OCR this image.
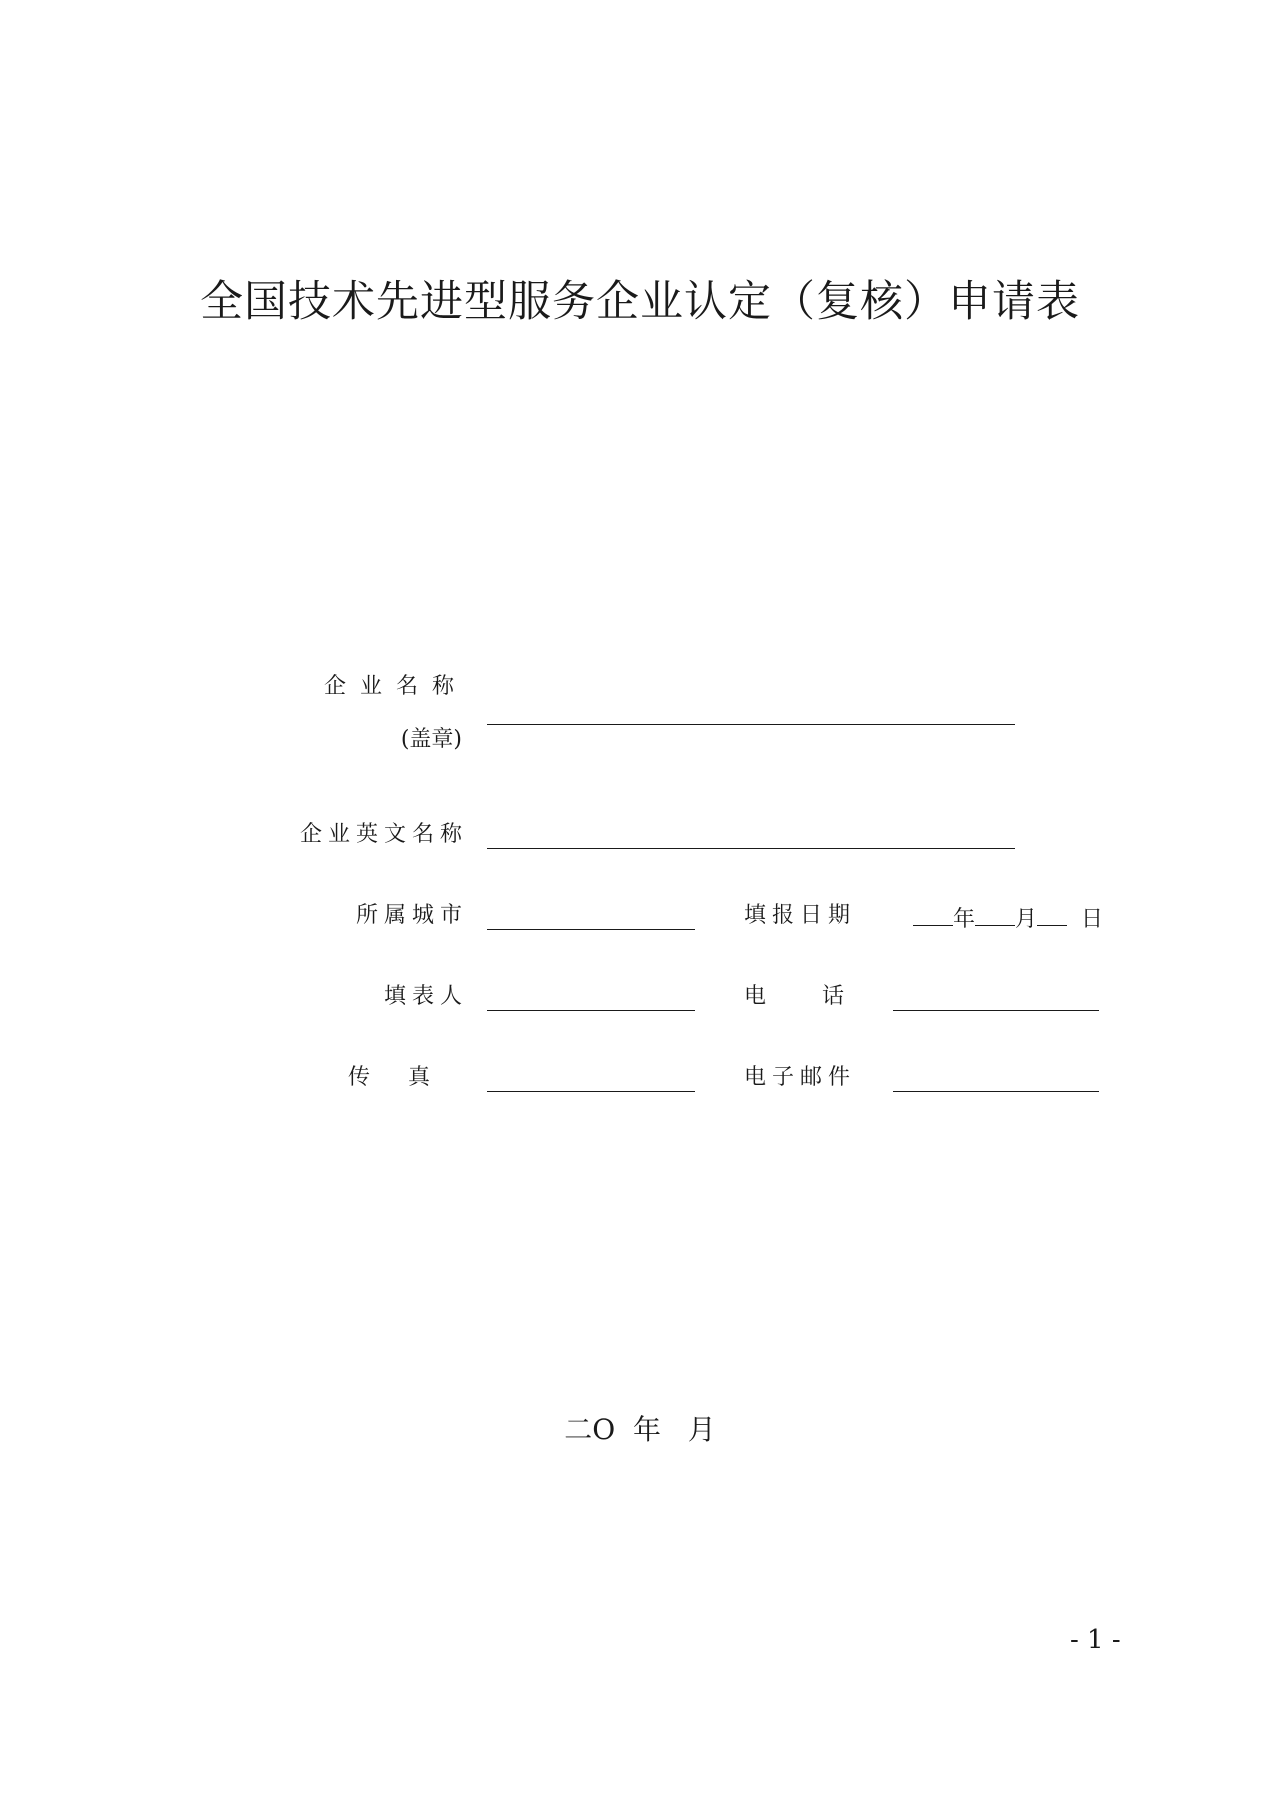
全国技术先进型服务企业认定（复核）申请表
企业名称
(盖章)
企业英文名称
所属城市	填报日期	年 月 日
填表人	电话
传真	电子邮件
二O  年   月
- 1 -
